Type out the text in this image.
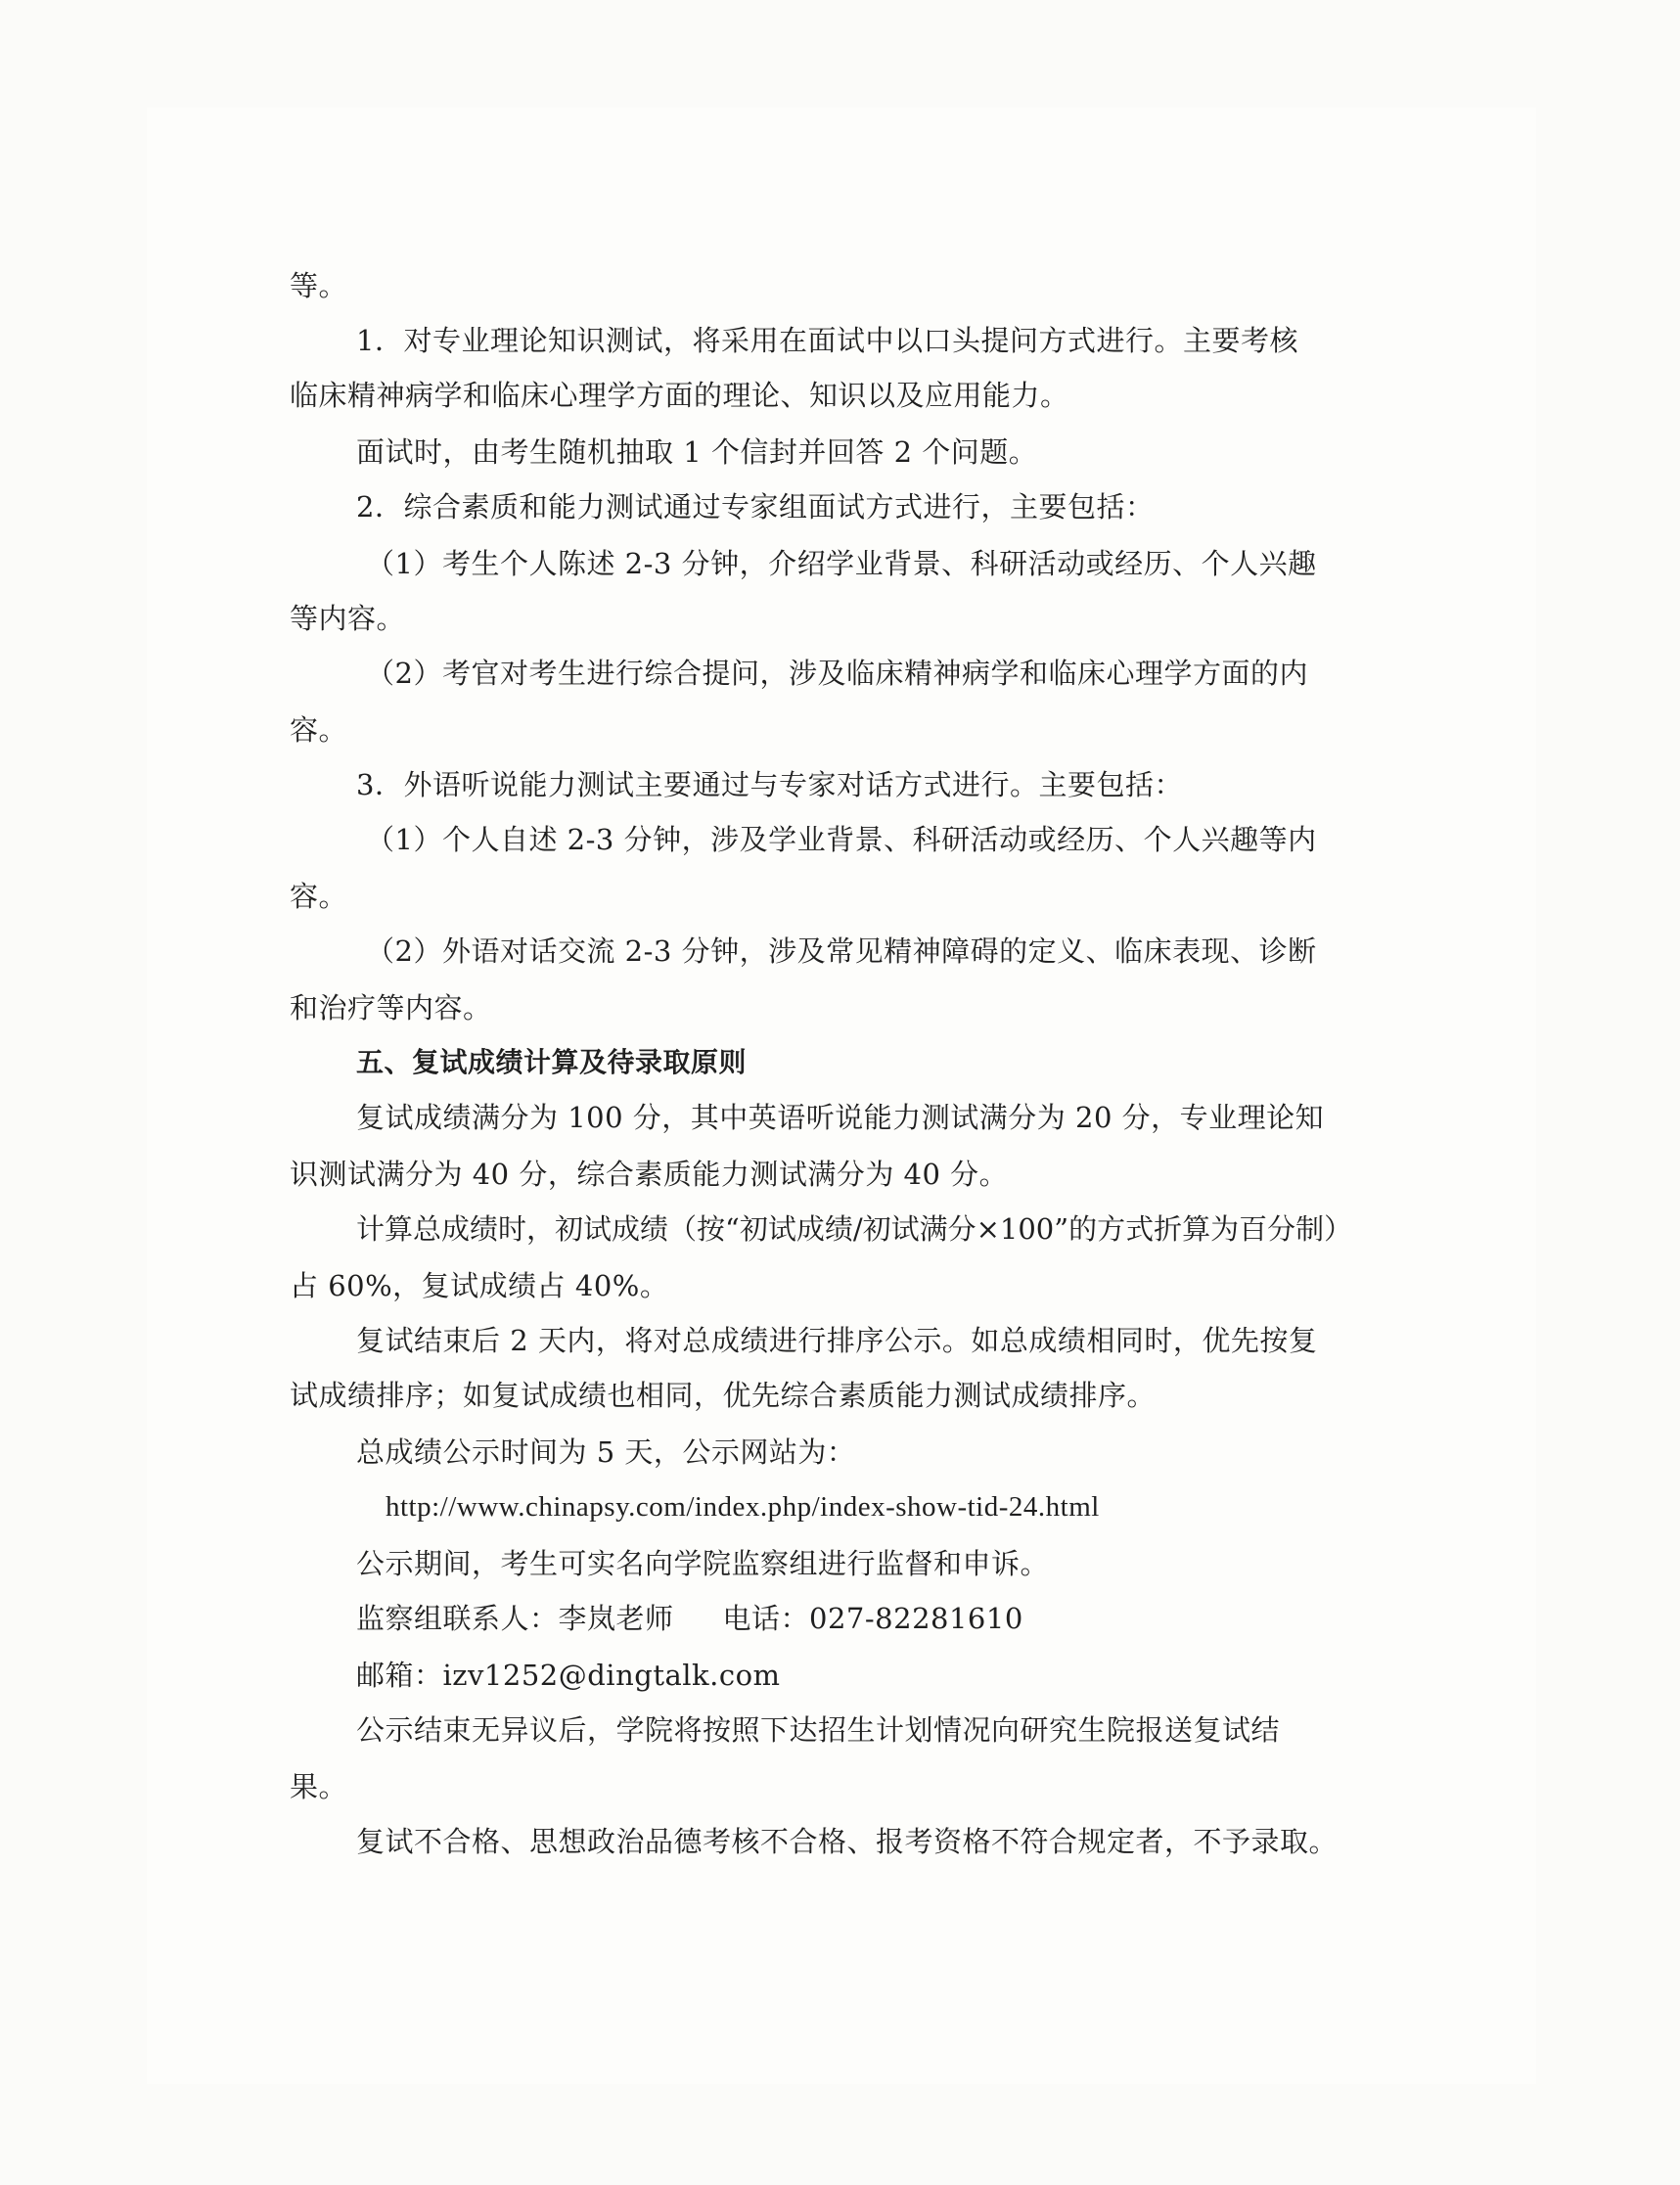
等。
1．对专业理论知识测试，将采用在面试中以口头提问方式进行。主要考核
临床精神病学和临床心理学方面的理论、知识以及应用能力。
面试时，由考生随机抽取 1 个信封并回答 2 个问题。
2．综合素质和能力测试通过专家组面试方式进行，主要包括：
（1）考生个人陈述 2-3 分钟，介绍学业背景、科研活动或经历、个人兴趣
等内容。
（2）考官对考生进行综合提问，涉及临床精神病学和临床心理学方面的内
容。
3．外语听说能力测试主要通过与专家对话方式进行。主要包括：
（1）个人自述 2-3 分钟，涉及学业背景、科研活动或经历、个人兴趣等内
容。
（2）外语对话交流 2-3 分钟，涉及常见精神障碍的定义、临床表现、诊断
和治疗等内容。
五、复试成绩计算及待录取原则
复试成绩满分为 100 分，其中英语听说能力测试满分为 20 分，专业理论知
识测试满分为 40 分，综合素质能力测试满分为 40 分。
计算总成绩时，初试成绩（按“初试成绩/初试满分×100”的方式折算为百分制）
占 60%，复试成绩占 40%。
复试结束后 2 天内，将对总成绩进行排序公示。如总成绩相同时，优先按复
试成绩排序；如复试成绩也相同，优先综合素质能力测试成绩排序。
总成绩公示时间为 5 天，公示网站为：
http://www.chinapsy.com/index.php/index-show-tid-24.html
公示期间，考生可实名向学院监察组进行监督和申诉。
监察组联系人：李岚老师 电话：027-82281610
邮箱：izv1252@dingtalk.com
公示结束无异议后，学院将按照下达招生计划情况向研究生院报送复试结
果。
复试不合格、思想政治品德考核不合格、报考资格不符合规定者，不予录取。
